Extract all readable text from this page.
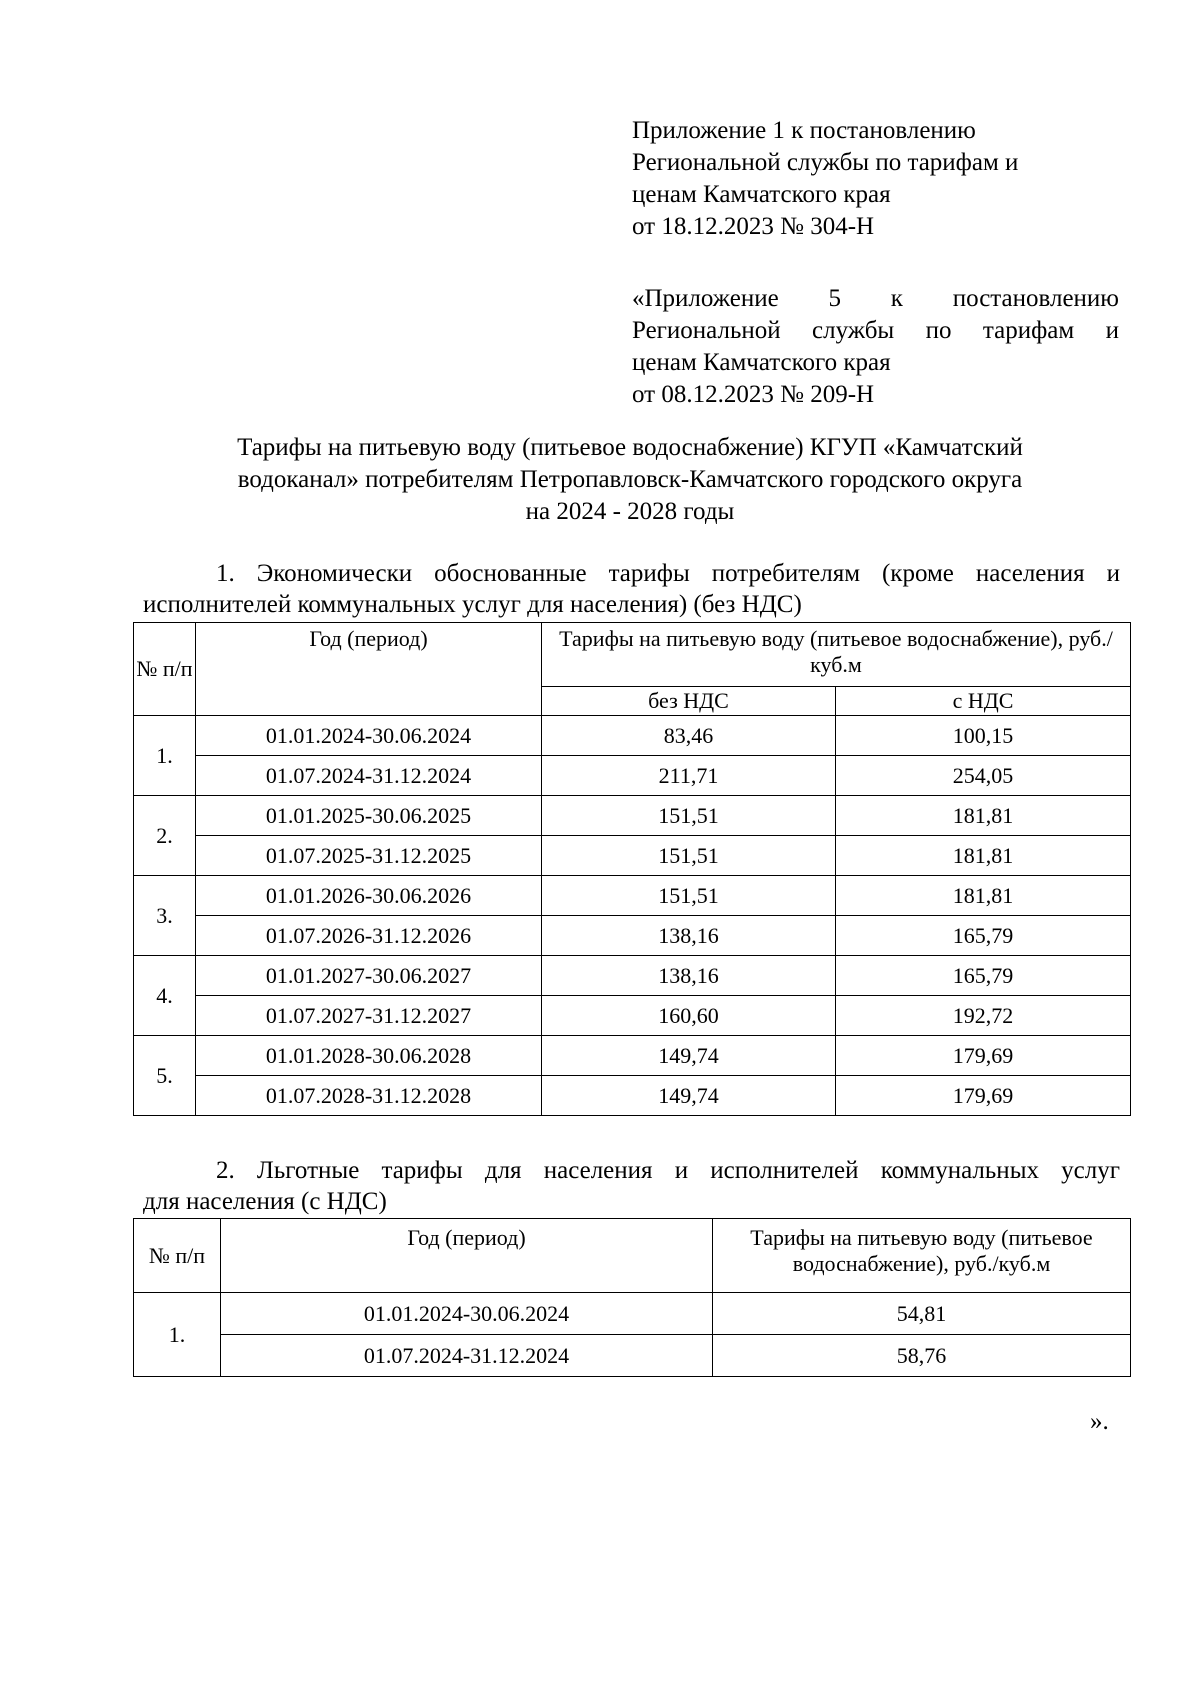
Приложение 1 к постановлению
Региональной службы по тарифам и
ценам Камчатского края
от 18.12.2023 № 304-Н
«Приложение 5 к постановлению
Региональной службы по тарифам и
ценам Камчатского края
от 08.12.2023 № 209-Н
Тарифы на питьевую воду (питьевое водоснабжение) КГУП «Камчатский
водоканал» потребителям Петропавловск-Камчатского городского округа
на 2024 - 2028 годы
1. Экономически обоснованные тарифы потребителям (кроме населения и
исполнителей коммунальных услуг для населения) (без НДС)
№ п/п	Год (период)	Тарифы на питьевую воду (питьевое водоснабжение), руб./куб.м	
		без НДС	с НДС
1.	01.01.2024-30.06.2024	83,46	100,15
	01.07.2024-31.12.2024	211,71	254,05
2.	01.01.2025-30.06.2025	151,51	181,81
	01.07.2025-31.12.2025	151,51	181,81
3.	01.01.2026-30.06.2026	151,51	181,81
	01.07.2026-31.12.2026	138,16	165,79
4.	01.01.2027-30.06.2027	138,16	165,79
	01.07.2027-31.12.2027	160,60	192,72
5.	01.01.2028-30.06.2028	149,74	179,69
	01.07.2028-31.12.2028	149,74	179,69
2. Льготные тарифы для населения и исполнителей коммунальных услуг
для населения (с НДС)
№ п/п	Год (период)	Тарифы на питьевую воду (питьевое водоснабжение), руб./куб.м
1.	01.01.2024-30.06.2024	54,81
	01.07.2024-31.12.2024	58,76
».
